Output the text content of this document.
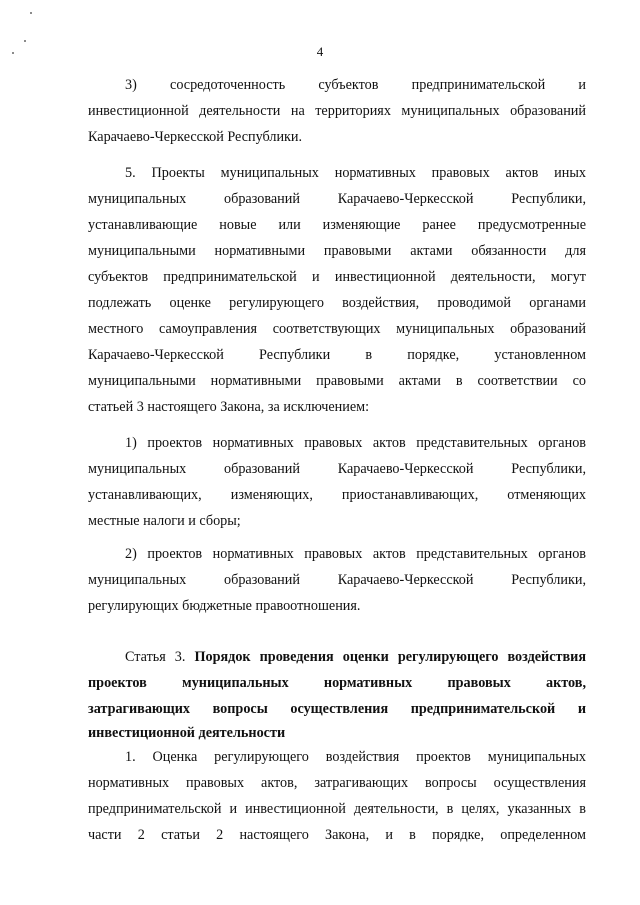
4
3)       сосредоточенность       субъектов       предпринимательской       и
инвестиционной деятельности на территориях муниципальных образований
Карачаево-Черкесской Республики.
5. Проекты муниципальных нормативных правовых актов иных
муниципальных образований Карачаево-Черкесской Республики,
устанавливающие новые или изменяющие ранее предусмотренные
муниципальными нормативными правовыми актами обязанности для
субъектов предпринимательской и инвестиционной деятельности, могут
подлежать оценке регулирующего воздействия, проводимой органами
местного самоуправления соответствующих муниципальных образований
Карачаево-Черкесской Республики в порядке, установленном
муниципальными нормативными правовыми актами в соответствии со
статьей 3 настоящего Закона, за исключением:
1) проектов нормативных правовых актов представительных органов
муниципальных образований Карачаево-Черкесской Республики,
устанавливающих, изменяющих, приостанавливающих, отменяющих
местные налоги и сборы;
2) проектов нормативных правовых актов представительных органов
муниципальных образований Карачаево-Черкесской Республики,
регулирующих бюджетные правоотношения.
Статья 3. Порядок проведения оценки регулирующего воздействия
проектов муниципальных нормативных правовых актов,
затрагивающих вопросы осуществления предпринимательской и
инвестиционной деятельности
1. Оценка регулирующего воздействия проектов муниципальных
нормативных правовых актов, затрагивающих вопросы осуществления
предпринимательской и инвестиционной деятельности, в целях, указанных в
части 2 статьи 2 настоящего Закона, и в порядке, определенном
